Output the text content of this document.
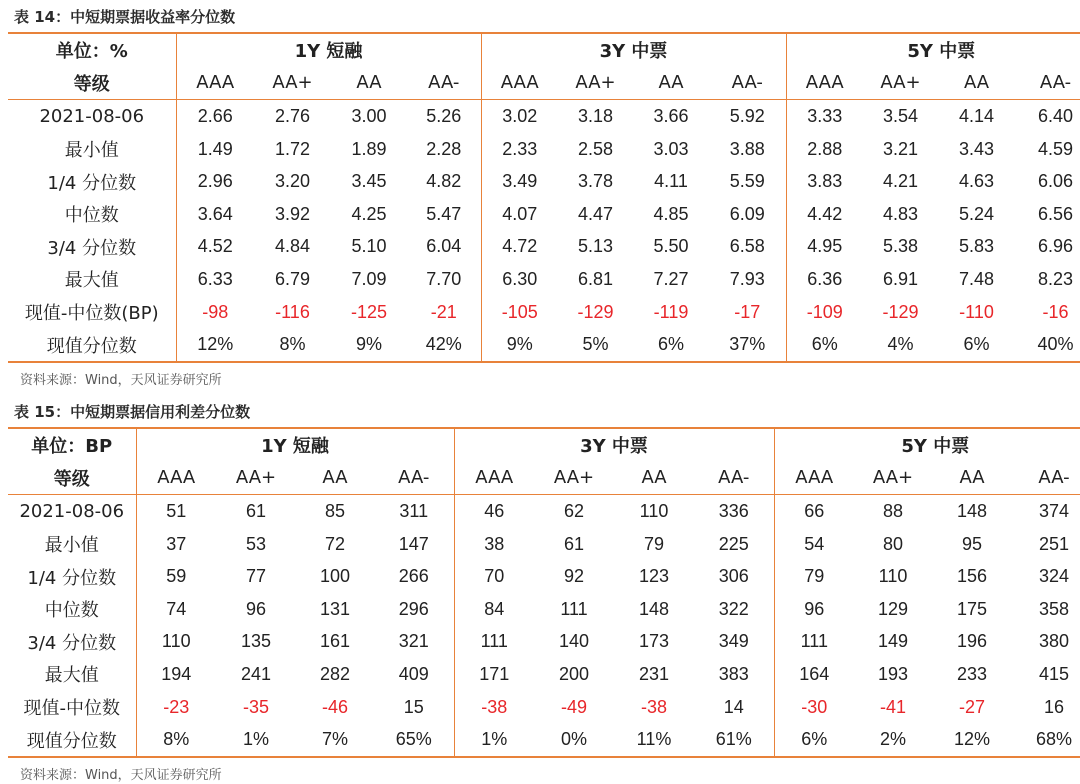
表 14：中短期票据收益率分位数
单位：%	1Y 短融				3Y 中票				5Y 中票			
等级	AAA	AA+	AA	AA-	AAA	AA+	AA	AA-	AAA	AA+	AA	AA-
2021-08-06	2.66	2.76	3.00	5.26	3.02	3.18	3.66	5.92	3.33	3.54	4.14	6.40
最小值	1.49	1.72	1.89	2.28	2.33	2.58	3.03	3.88	2.88	3.21	3.43	4.59
1/4 分位数	2.96	3.20	3.45	4.82	3.49	3.78	4.11	5.59	3.83	4.21	4.63	6.06
中位数	3.64	3.92	4.25	5.47	4.07	4.47	4.85	6.09	4.42	4.83	5.24	6.56
3/4 分位数	4.52	4.84	5.10	6.04	4.72	5.13	5.50	6.58	4.95	5.38	5.83	6.96
最大值	6.33	6.79	7.09	7.70	6.30	6.81	7.27	7.93	6.36	6.91	7.48	8.23
现值-中位数(BP)	-98	-116	-125	-21	-105	-129	-119	-17	-109	-129	-110	-16
现值分位数	12%	8%	9%	42%	9%	5%	6%	37%	6%	4%	6%	40%
资料来源：Wind，天风证券研究所
表 15：中短期票据信用利差分位数
单位：BP	1Y 短融				3Y 中票				5Y 中票			
等级	AAA	AA+	AA	AA-	AAA	AA+	AA	AA-	AAA	AA+	AA	AA-
2021-08-06	51	61	85	311	46	62	110	336	66	88	148	374
最小值	37	53	72	147	38	61	79	225	54	80	95	251
1/4 分位数	59	77	100	266	70	92	123	306	79	110	156	324
中位数	74	96	131	296	84	111	148	322	96	129	175	358
3/4 分位数	110	135	161	321	111	140	173	349	111	149	196	380
最大值	194	241	282	409	171	200	231	383	164	193	233	415
现值-中位数	-23	-35	-46	15	-38	-49	-38	14	-30	-41	-27	16
现值分位数	8%	1%	7%	65%	1%	0%	11%	61%	6%	2%	12%	68%
资料来源：Wind，天风证券研究所
